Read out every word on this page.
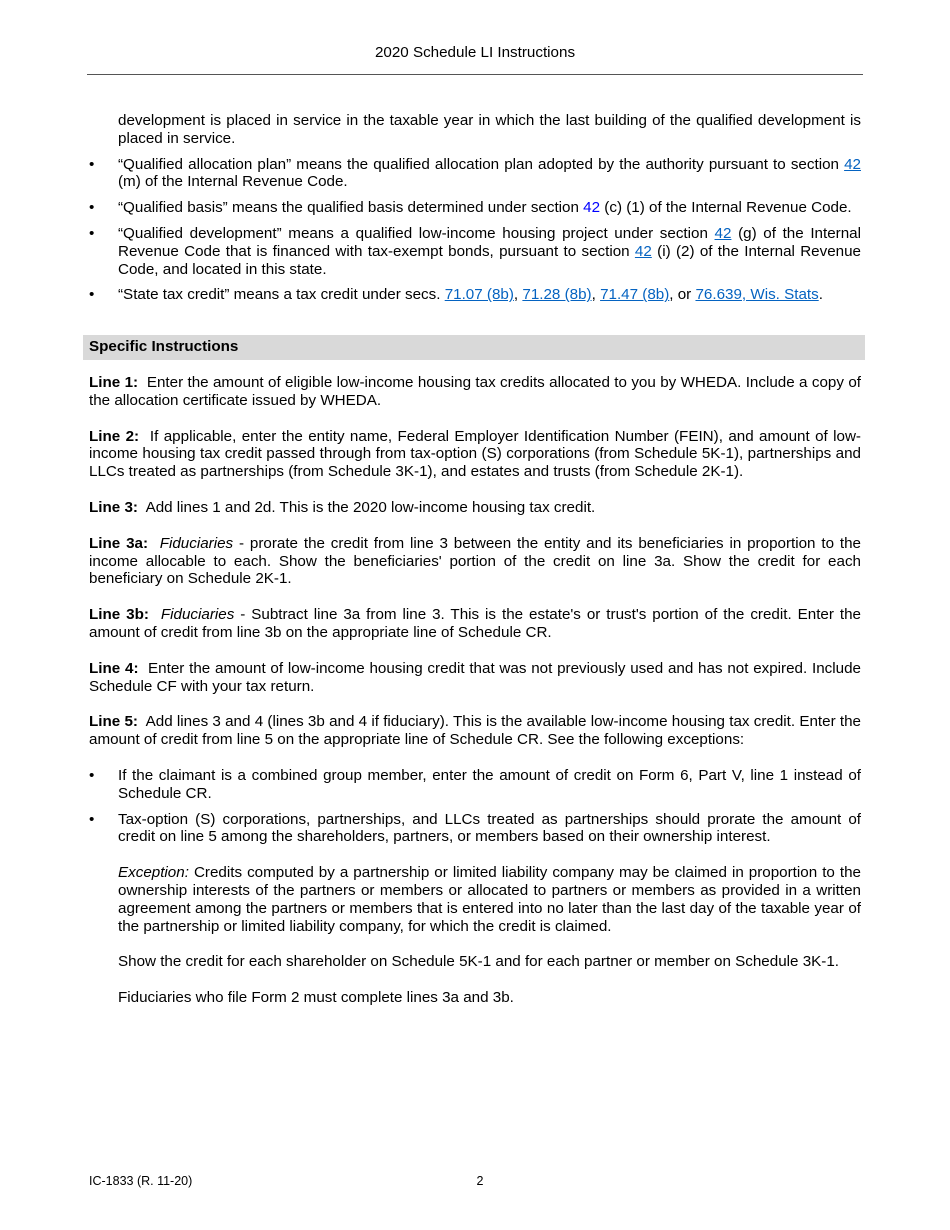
2020 Schedule LI Instructions

development is placed in service in the taxable year in which the last building of the qualified development is placed in service.

• “Qualified allocation plan” means the qualified allocation plan adopted by the authority pursuant to section 42 (m) of the Internal Revenue Code.
• “Qualified basis” means the qualified basis determined under section 42 (c) (1) of the Internal Revenue Code.
• “Qualified development” means a qualified low-income housing project under section 42 (g) of the Internal Revenue Code that is financed with tax-exempt bonds, pursuant to section 42 (i) (2) of the Internal Revenue Code, and located in this state.
• “State tax credit” means a tax credit under secs. 71.07 (8b), 71.28 (8b), 71.47 (8b), or 76.639, Wis. Stats.
Specific Instructions

Line 1: Enter the amount of eligible low-income housing tax credits allocated to you by WHEDA. Include a copy of the allocation certificate issued by WHEDA.

Line 2: If applicable, enter the entity name, Federal Employer Identification Number (FEIN), and amount of low-income housing tax credit passed through from tax-option (S) corporations (from Schedule 5K-1), partnerships and LLCs treated as partnerships (from Schedule 3K-1), and estates and trusts (from Schedule 2K-1).

Line 3: Add lines 1 and 2d. This is the 2020 low-income housing tax credit.

Line 3a: Fiduciaries - prorate the credit from line 3 between the entity and its beneficiaries in proportion to the income allocable to each. Show the beneficiaries' portion of the credit on line 3a. Show the credit for each beneficiary on Schedule 2K-1.

Line 3b: Fiduciaries - Subtract line 3a from line 3. This is the estate's or trust's portion of the credit. Enter the amount of credit from line 3b on the appropriate line of Schedule CR.

Line 4: Enter the amount of low-income housing credit that was not previously used and has not expired. Include Schedule CF with your tax return.

Line 5: Add lines 3 and 4 (lines 3b and 4 if fiduciary). This is the available low-income housing tax credit. Enter the amount of credit from line 5 on the appropriate line of Schedule CR. See the following exceptions:

• If the claimant is a combined group member, enter the amount of credit on Form 6, Part V, line 1 instead of Schedule CR.
• Tax-option (S) corporations, partnerships, and LLCs treated as partnerships should prorate the amount of credit on line 5 among the shareholders, partners, or members based on their ownership interest.

Exception: Credits computed by a partnership or limited liability company may be claimed in proportion to the ownership interests of the partners or members or allocated to partners or members as provided in a written agreement among the partners or members that is entered into no later than the last day of the taxable year of the partnership or limited liability company, for which the credit is claimed.

Show the credit for each shareholder on Schedule 5K-1 and for each partner or member on Schedule 3K-1.

Fiduciaries who file Form 2 must complete lines 3a and 3b.

IC-1833 (R. 11-20)	2
